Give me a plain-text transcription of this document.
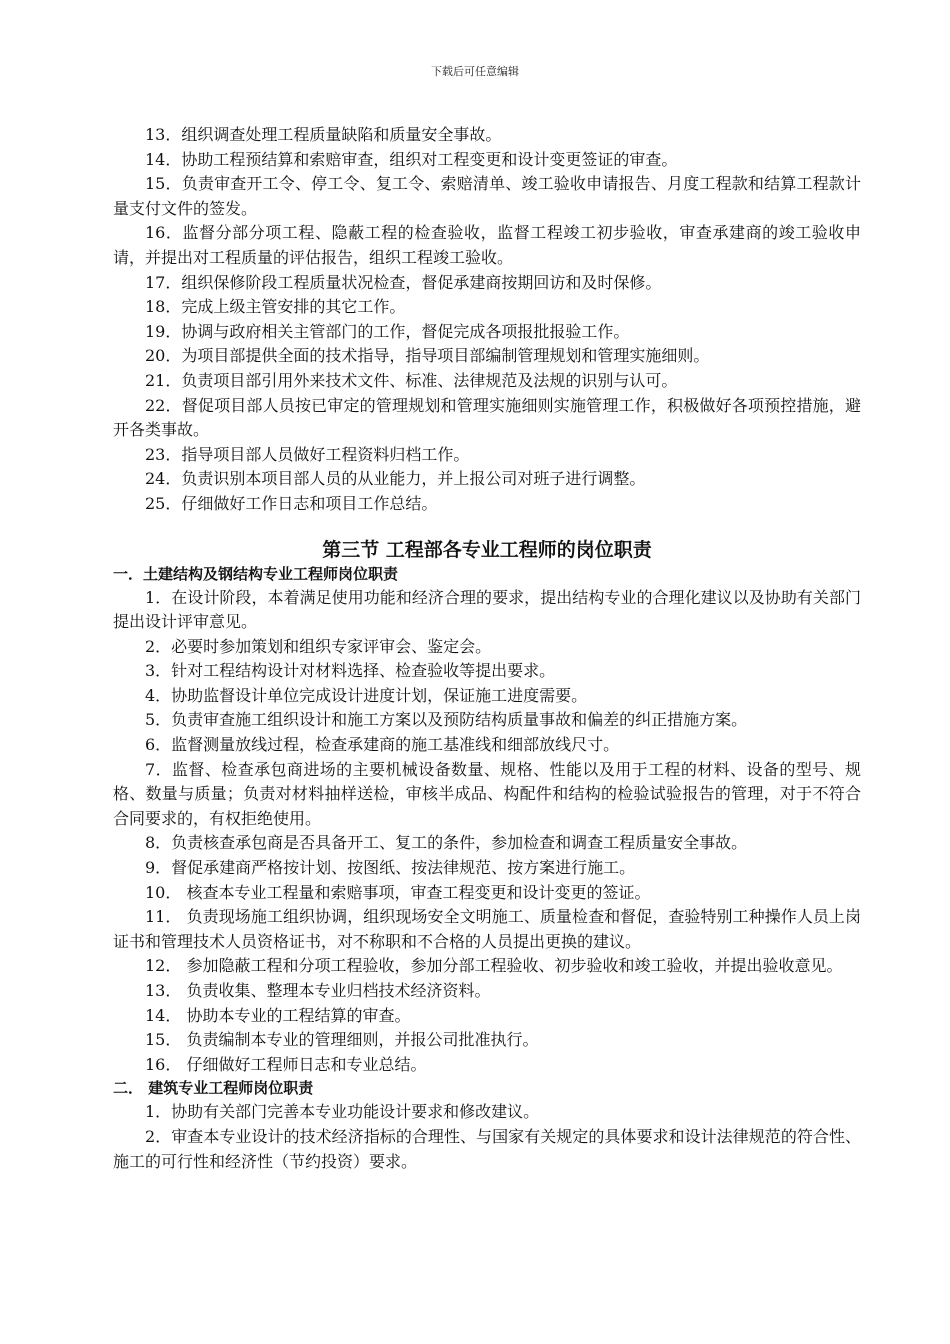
下载后可任意编辑

13．组织调查处理工程质量缺陷和质量安全事故。

14．协助工程预结算和索赔审查，组织对工程变更和设计变更签证的审查。

15．负责审查开工令、停工令、复工令、索赔清单、竣工验收申请报告、月度工程款和结算工程款计量支付文件的签发。

16．监督分部分项工程、隐蔽工程的检查验收，监督工程竣工初步验收，审查承建商的竣工验收申请，并提出对工程质量的评估报告，组织工程竣工验收。

17．组织保修阶段工程质量状况检查，督促承建商按期回访和及时保修。

18．完成上级主管安排的其它工作。

19．协调与政府相关主管部门的工作，督促完成各项报批报验工作。

20．为项目部提供全面的技术指导，指导项目部编制管理规划和管理实施细则。

21．负责项目部引用外来技术文件、标准、法律规范及法规的识别与认可。

22．督促项目部人员按已审定的管理规划和管理实施细则实施管理工作，积极做好各项预控措施，避开各类事故。

23．指导项目部人员做好工程资料归档工作。

24．负责识别本项目部人员的从业能力，并上报公司对班子进行调整。

25．仔细做好工作日志和项目工作总结。

第三节 工程部各专业工程师的岗位职责
一．土建结构及钢结构专业工程师岗位职责

1．在设计阶段，本着满足使用功能和经济合理的要求，提出结构专业的合理化建议以及协助有关部门提出设计评审意见。

2．必要时参加策划和组织专家评审会、鉴定会。

3．针对工程结构设计对材料选择、检查验收等提出要求。

4．协助监督设计单位完成设计进度计划，保证施工进度需要。

5．负责审查施工组织设计和施工方案以及预防结构质量事故和偏差的纠正措施方案。

6．监督测量放线过程，检查承建商的施工基准线和细部放线尺寸。

7．监督、检查承包商进场的主要机械设备数量、规格、性能以及用于工程的材料、设备的型号、规格、数量与质量；负责对材料抽样送检，审核半成品、构配件和结构的检验试验报告的管理，对于不符合合同要求的，有权拒绝使用。

8．负责核查承包商是否具备开工、复工的条件，参加检查和调查工程质量安全事故。

9．督促承建商严格按计划、按图纸、按法律规范、按方案进行施工。

10． 核查本专业工程量和索赔事项，审查工程变更和设计变更的签证。

11． 负责现场施工组织协调，组织现场安全文明施工、质量检查和督促，查验特别工种操作人员上岗证书和管理技术人员资格证书，对不称职和不合格的人员提出更换的建议。

12． 参加隐蔽工程和分项工程验收，参加分部工程验收、初步验收和竣工验收，并提出验收意见。

13． 负责收集、整理本专业归档技术经济资料。

14． 协助本专业的工程结算的审查。

15． 负责编制本专业的管理细则，并报公司批准执行。

16． 仔细做好工程师日志和专业总结。

二． 建筑专业工程师岗位职责

1．协助有关部门完善本专业功能设计要求和修改建议。

2．审查本专业设计的技术经济指标的合理性、与国家有关规定的具体要求和设计法律规范的符合性、施工的可行性和经济性（节约投资）要求。
